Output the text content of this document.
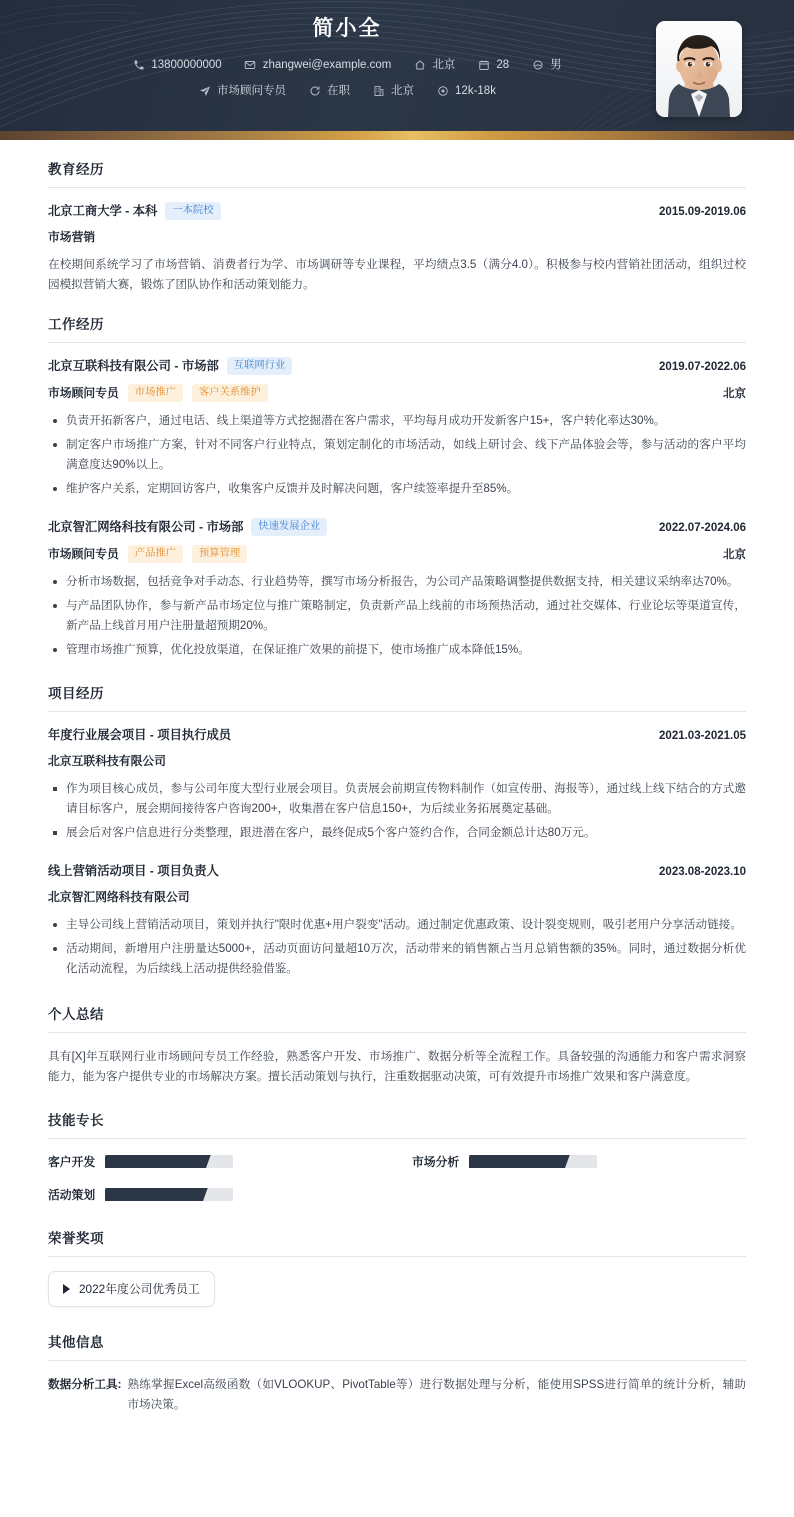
简小全
13800000000	zhangwei@example.com	北京	28	男
市场顾问专员	在职	北京	12k-18k
教育经历
北京工商大学 - 本科	一本院校	2015.09-2019.06
市场营销
在校期间系统学习了市场营销、消费者行为学、市场调研等专业课程，平均绩点3.5（满分4.0）。积极参与校内营销社团活动，组织过校园模拟营销大赛，锻炼了团队协作和活动策划能力。
工作经历
北京互联科技有限公司 - 市场部	互联网行业	2019.07-2022.06
市场顾问专员	市场推广	客户关系维护	北京
负责开拓新客户，通过电话、线上渠道等方式挖掘潜在客户需求，平均每月成功开发新客户15+，客户转化率达30%。
制定客户市场推广方案，针对不同客户行业特点，策划定制化的市场活动，如线上研讨会、线下产品体验会等，参与活动的客户平均满意度达90%以上。
维护客户关系，定期回访客户，收集客户反馈并及时解决问题，客户续签率提升至85%。
北京智汇网络科技有限公司 - 市场部	快速发展企业	2022.07-2024.06
市场顾问专员	产品推广	预算管理	北京
分析市场数据，包括竞争对手动态、行业趋势等，撰写市场分析报告，为公司产品策略调整提供数据支持，相关建议采纳率达70%。
与产品团队协作，参与新产品市场定位与推广策略制定，负责新产品上线前的市场预热活动，通过社交媒体、行业论坛等渠道宣传，新产品上线首月用户注册量超预期20%。
管理市场推广预算，优化投放渠道，在保证推广效果的前提下，使市场推广成本降低15%。
项目经历
年度行业展会项目 - 项目执行成员	2021.03-2021.05
北京互联科技有限公司
作为项目核心成员，参与公司年度大型行业展会项目。负责展会前期宣传物料制作（如宣传册、海报等），通过线上线下结合的方式邀请目标客户，展会期间接待客户咨询200+，收集潜在客户信息150+，为后续业务拓展奠定基础。
展会后对客户信息进行分类整理，跟进潜在客户，最终促成5个客户签约合作，合同金额总计达80万元。
线上营销活动项目 - 项目负责人	2023.08-2023.10
北京智汇网络科技有限公司
主导公司线上营销活动项目，策划并执行"限时优惠+用户裂变"活动。通过制定优惠政策、设计裂变规则，吸引老用户分享活动链接。
活动期间，新增用户注册量达5000+，活动页面访问量超10万次，活动带来的销售额占当月总销售额的35%。同时，通过数据分析优化活动流程，为后续线上活动提供经验借鉴。
个人总结
具有[X]年互联网行业市场顾问专员工作经验，熟悉客户开发、市场推广、数据分析等全流程工作。具备较强的沟通能力和客户需求洞察能力，能为客户提供专业的市场解决方案。擅长活动策划与执行，注重数据驱动决策，可有效提升市场推广效果和客户满意度。
技能专长
客户开发	市场分析
活动策划
荣誉奖项
2022年度公司优秀员工
其他信息
数据分析工具: 熟练掌握Excel高级函数（如VLOOKUP、PivotTable等）进行数据处理与分析，能使用SPSS进行简单的统计分析，辅助市场决策。
